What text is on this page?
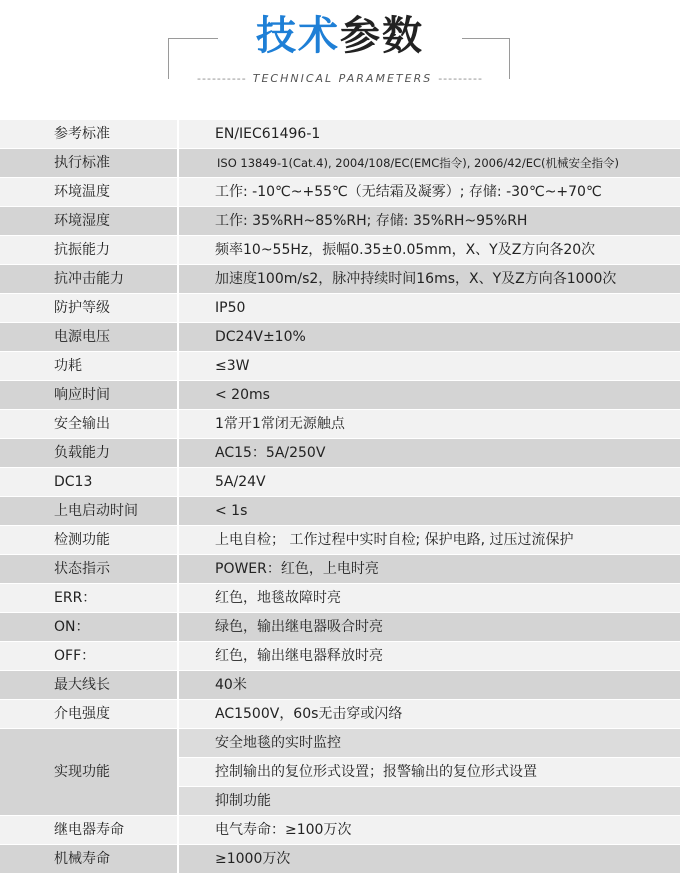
技术参数
---------- TECHNICAL PARAMETERS ---------
参考标准	EN/IEC61496-1
执行标准	ISO 13849-1(Cat.4), 2004/108/EC(EMC指令), 2006/42/EC(机械安全指令)
环境温度	工作: -10℃~+55℃（无结霜及凝雾）; 存储: -30℃~+70℃
环境湿度	工作: 35%RH~85%RH; 存储: 35%RH~95%RH
抗振能力	频率10~55Hz，振幅0.35±0.05mm，X、Y及Z方向各20次
抗冲击能力	加速度100m/s2，脉冲持续时间16ms，X、Y及Z方向各1000次
防护等级	IP50
电源电压	DC24V±10%
功耗	≤3W
响应时间	< 20ms
安全输出	1常开1常闭无源触点
负载能力	AC15：5A/250V
DC13	5A/24V
上电启动时间	< 1s
检测功能	上电自检； 工作过程中实时自检; 保护电路, 过压过流保护
状态指示	POWER：红色，上电时亮
ERR：	红色，地毯故障时亮
ON：	绿色，输出继电器吸合时亮
OFF：	红色，输出继电器释放时亮
最大线长	40米
介电强度	AC1500V，60s无击穿或闪络
实现功能	安全地毯的实时监控
	控制输出的复位形式设置；报警输出的复位形式设置
	抑制功能
继电器寿命	电气寿命：≥100万次
机械寿命	≥1000万次
